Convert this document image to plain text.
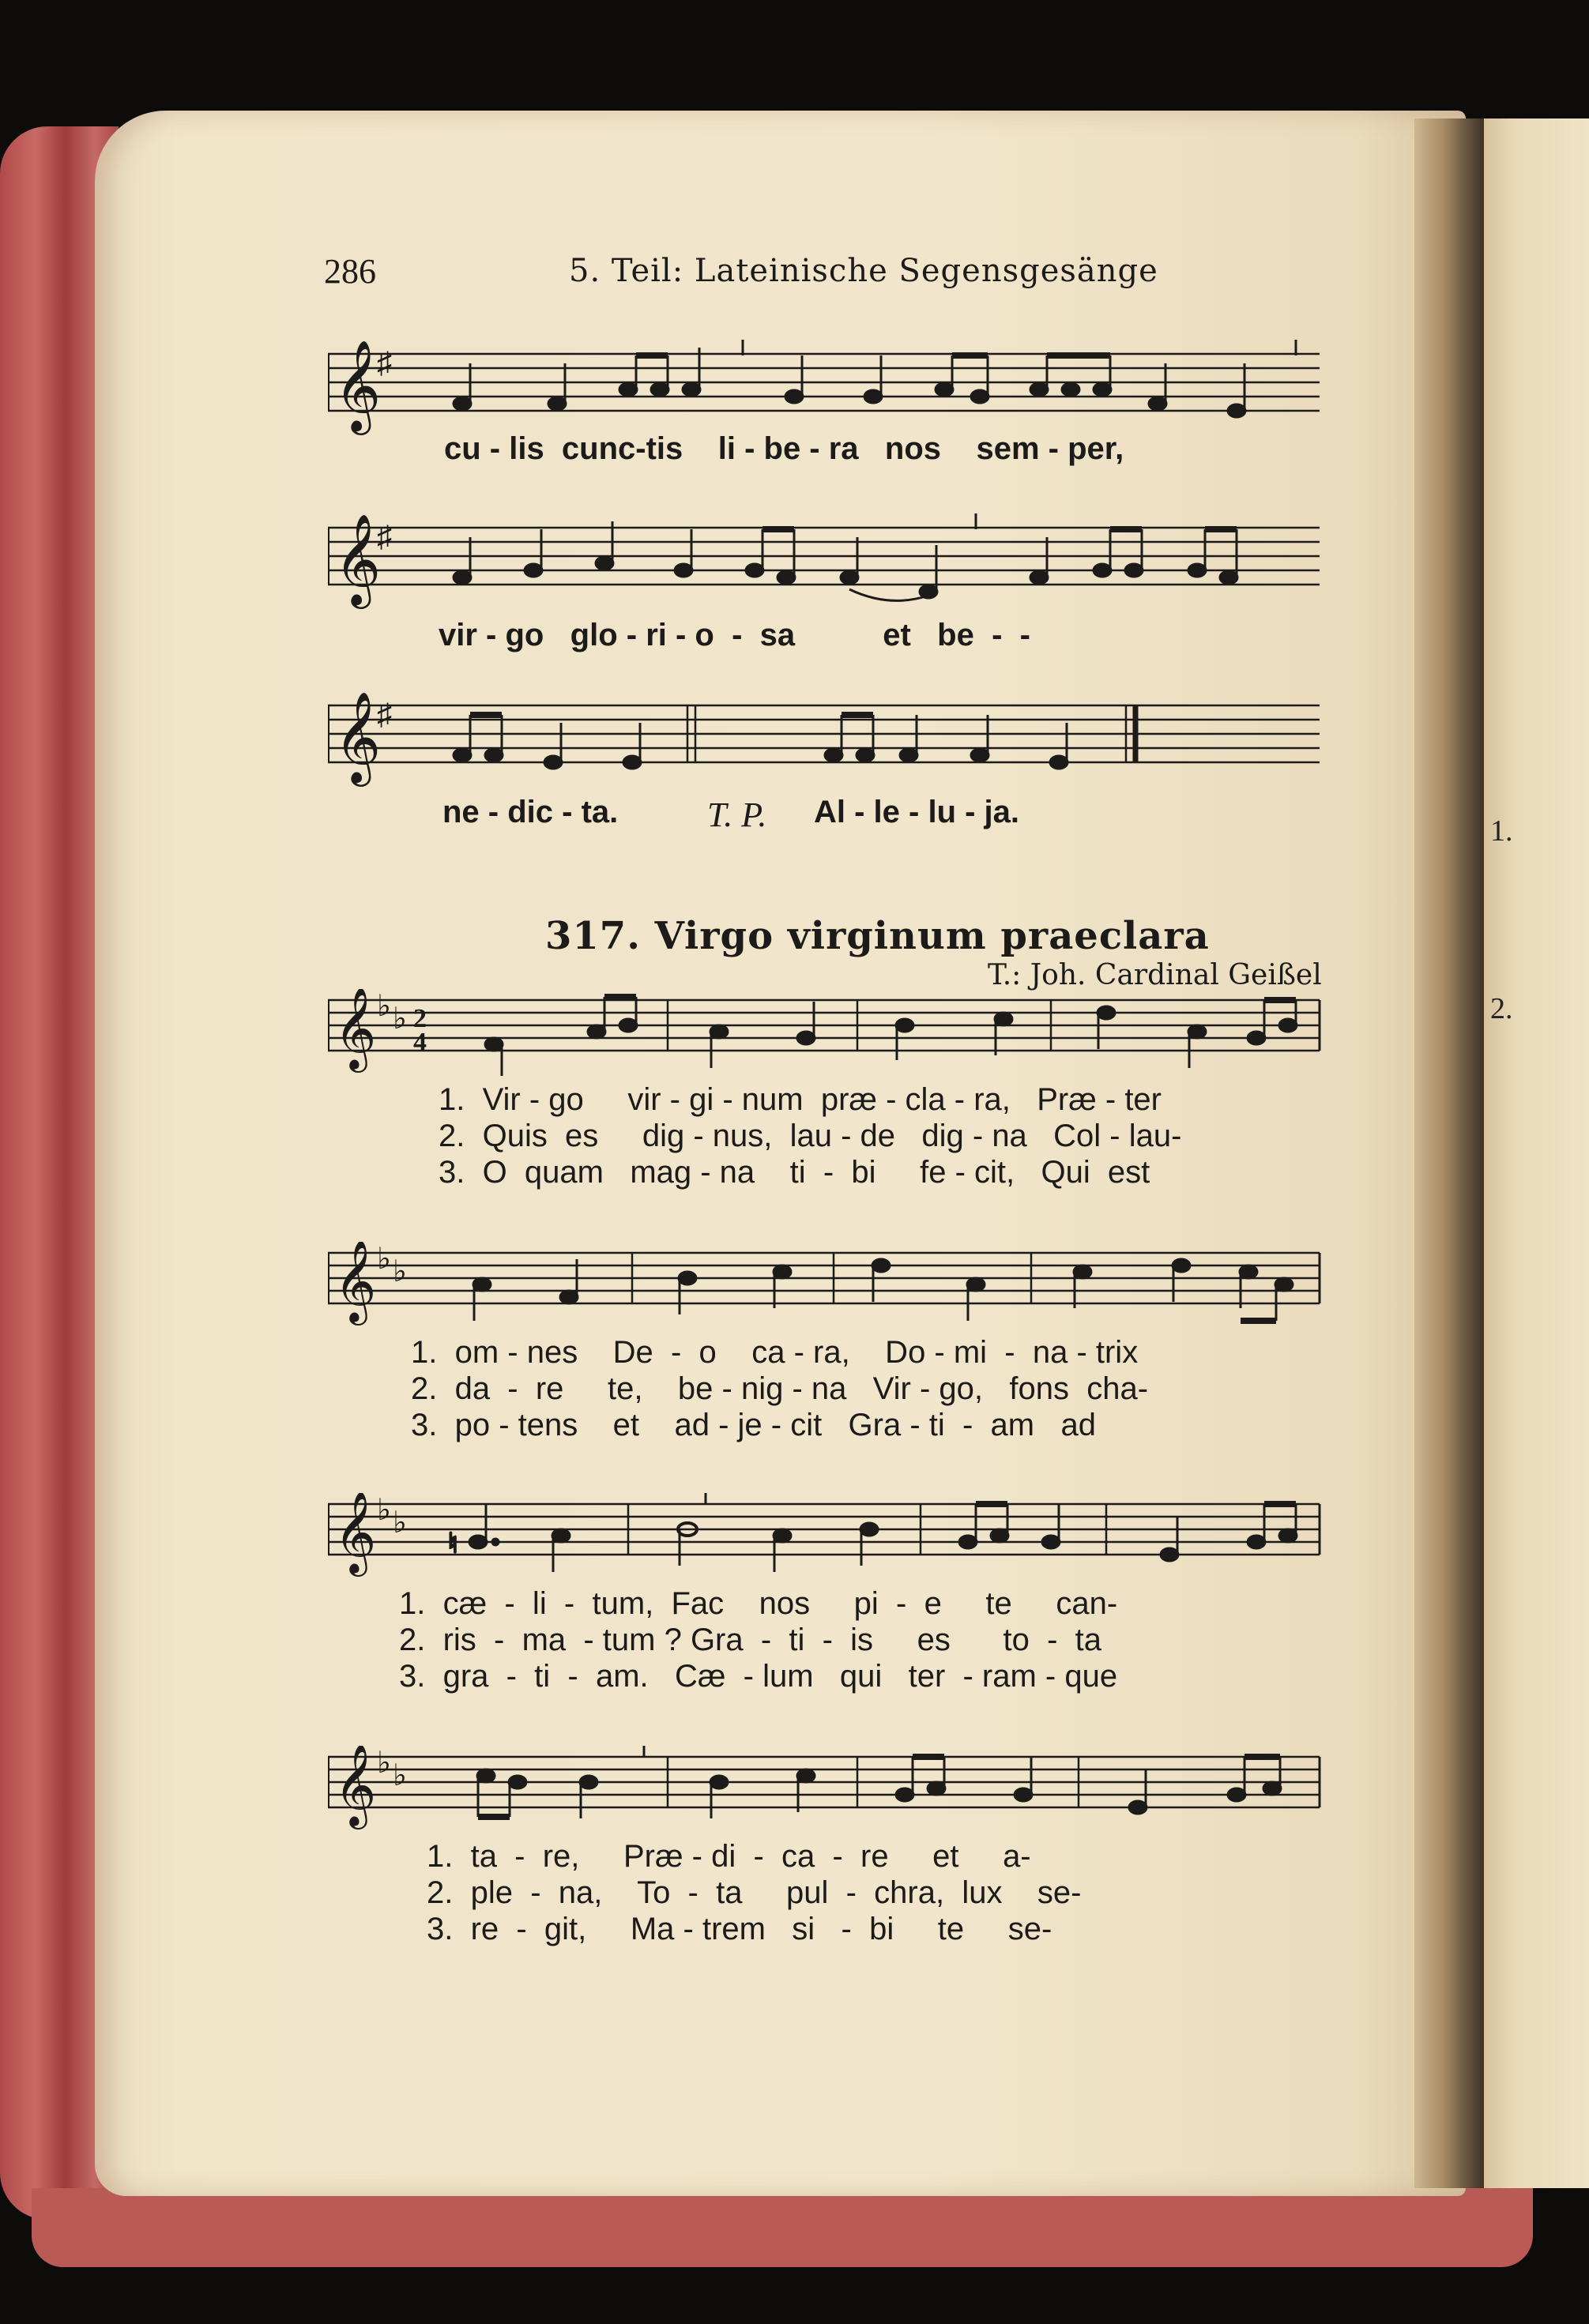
1.
2.
286	5. Teil: Lateinische Segensgesänge
𝄞
♯
cu - lis  cunc-tis    li - be - ra   nos    sem - per,
𝄞
♯
vir - go   glo - ri - o  -  sa          et   be  -  -
𝄞
♯
ne - dic - ta.	T. P. Al - le - lu - ja.
317. Virgo virginum praeclara
T.: Joh. Cardinal Geißel
𝄞 ♭ ♭ 2
4
1.  Vir - go     vir - gi - num  præ - cla - ra,   Præ - ter
2.  Quis  es     dig - nus,  lau - de   dig - na   Col - lau-
3.  O  quam   mag - na    ti  -  bi     fe - cit,   Qui  est
𝄞 ♭ ♭
1.  om - nes    De  -  o    ca - ra,    Do - mi  -  na - trix
2.  da  -  re     te,    be - nig - na   Vir - go,   fons  cha-
3.  po - tens    et    ad - je - cit   Gra - ti  -  am   ad
𝄞 ♭ ♭
♮
1.  cæ  -  li  -  tum,  Fac    nos     pi  -  e     te     can-
2.  ris  -  ma  - tum ? Gra  -  ti  -  is     es      to  -  ta
3.  gra  -  ti  -  am.   Cæ  - lum   qui   ter  - ram - que
𝄞 ♭ ♭
1.  ta  -  re,     Præ - di  -  ca  -  re     et     a-
2.  ple  -  na,    To  -  ta     pul  -  chra,  lux    se-
3.  re  -  git,     Ma - trem   si   -  bi     te     se-
